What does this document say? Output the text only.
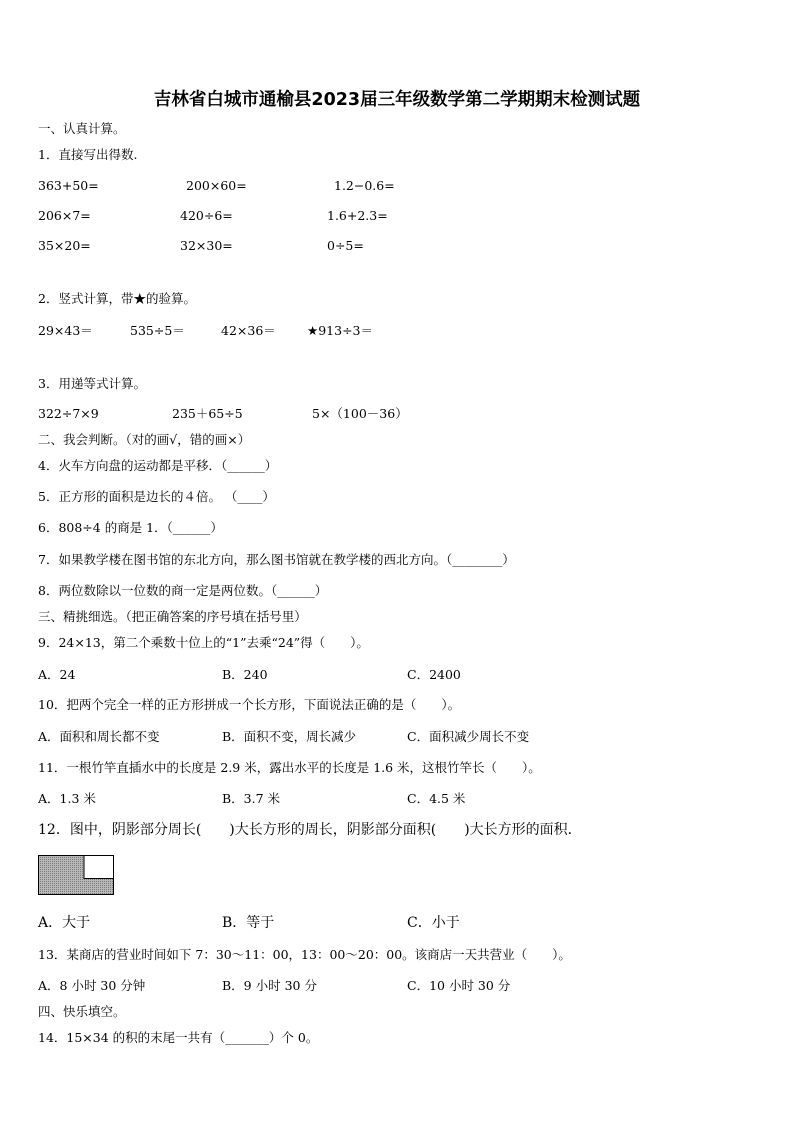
吉林省白城市通榆县2023届三年级数学第二学期期末检测试题
一、认真计算。
1．直接写出得数.
363+50=	200×60=	1.2−0.6=
206×7=	420÷6=	1.6+2.3=
35×20=	32×30=	0÷5=
2．竖式计算，带★的验算。
29×43＝	535÷5＝	42×36＝ ★913÷3＝
3．用递等式计算。
322÷7×9	235＋65÷5	5×（100－36）
二、我会判断。（对的画√，错的画×）
4．火车方向盘的运动都是平移．（______）
5．正方形的面积是边长的４倍。 （____）
6．808÷4 的商是 1．（______）
7．如果教学楼在图书馆的东北方向，那么图书馆就在教学楼的西北方向。（________）
8．两位数除以一位数的商一定是两位数。（______）
三、精挑细选。（把正确答案的序号填在括号里）
9．24×13，第二个乘数十位上的“1”去乘“24”得（　　）。
A．24	B．240	C．2400
10．把两个完全一样的正方形拼成一个长方形，下面说法正确的是（　　）。
A．面积和周长都不变	B．面积不变，周长减少	C．面积减少周长不变
11．一根竹竿直插水中的长度是 2.9 米，露出水平的长度是 1.6 米，这根竹竿长（　　）。
A．1.3 米	B．3.7 米	C．4.5 米
12．图中，阴影部分周长(　　)大长方形的周长，阴影部分面积(　　)大长方形的面积．
A．大于	B．等于	C．小于
13．某商店的营业时间如下 7：30～11：00，13：00～20：00。该商店一天共营业（　　）。
A．8 小时 30 分钟	B．9 小时 30 分	C．10 小时 30 分
四、快乐填空。
14．15×34 的积的末尾一共有（_______）个 0。
